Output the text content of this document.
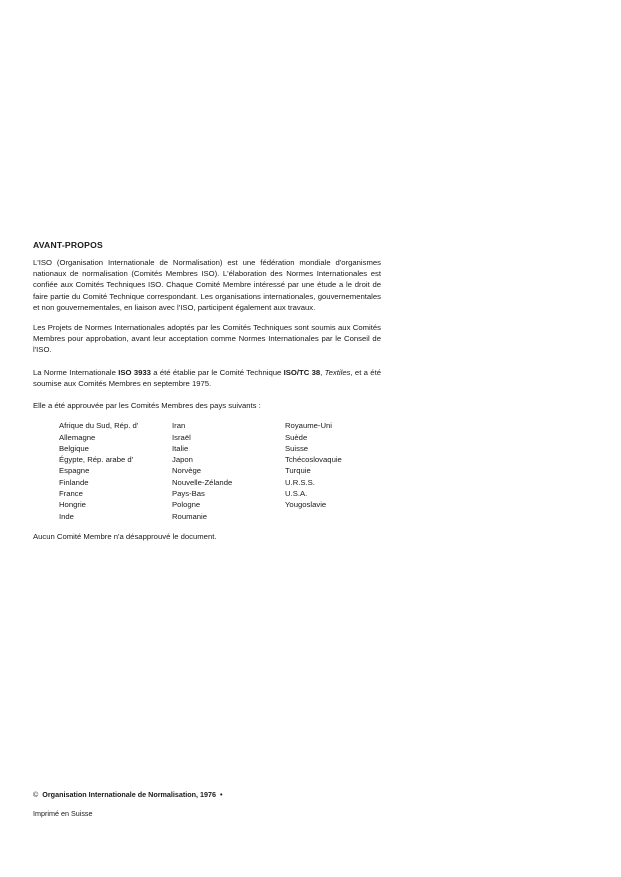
AVANT-PROPOS

L'ISO (Organisation Internationale de Normalisation) est une fédération mondiale d'organismes nationaux de normalisation (Comités Membres ISO). L'élaboration des Normes Internationales est confiée aux Comités Techniques ISO. Chaque Comité Membre intéressé par une étude a le droit de faire partie du Comité Technique correspondant. Les organisations internationales, gouvernementales et non gouvernementales, en liaison avec l'ISO, participent également aux travaux.

Les Projets de Normes Internationales adoptés par les Comités Techniques sont soumis aux Comités Membres pour approbation, avant leur acceptation comme Normes Internationales par le Conseil de l'ISO.

La Norme Internationale ISO 3933 a été établie par le Comité Technique ISO/TC 38, Textiles, et a été soumise aux Comités Membres en septembre 1975.

Elle a été approuvée par les Comités Membres des pays suivants :

Afrique du Sud, Rép. d'
Allemagne
Belgique
Égypte, Rép. arabe d'
Espagne
Finlande
France
Hongrie
Inde
Iran
Israël
Italie
Japon
Norvège
Nouvelle-Zélande
Pays-Bas
Pologne
Roumanie
Royaume-Uni
Suède
Suisse
Tchécoslovaquie
Turquie
U.R.S.S.
U.S.A.
Yougoslavie

Aucun Comité Membre n'a désapprouvé le document.

© Organisation Internationale de Normalisation, 1976 •
Imprimé en Suisse
